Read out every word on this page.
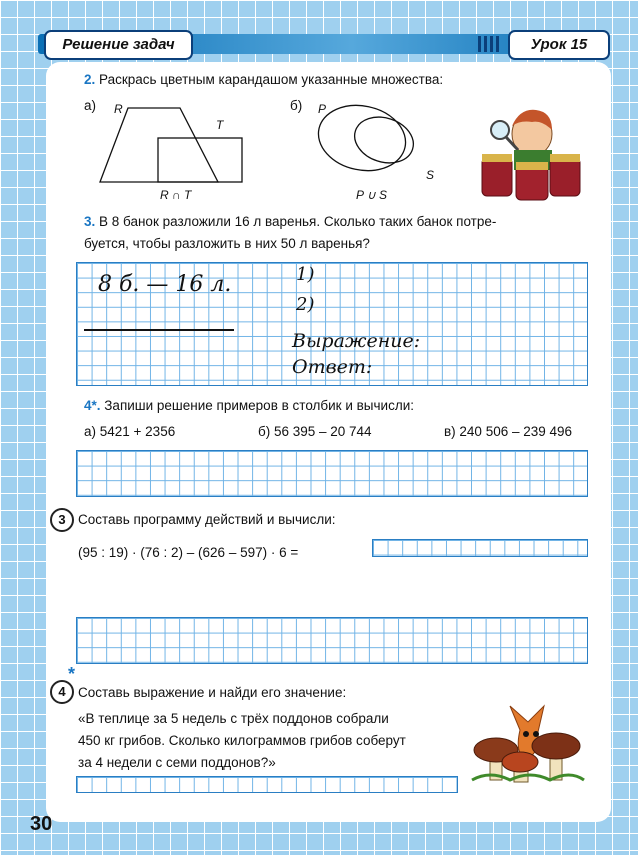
Решение задач	Урок 15
2. Раскрась цветным карандашом указанные множества:
а)	б)
R
T
R ∩ T
P
S
P ∪ S
3. В 8 банок разложили 16 л варенья. Сколько таких банок потре-
буется, чтобы разложить в них 50 л варенья?
8 б. — 16 л.	1)
2)
Выражение:
Ответ:
4*. Запиши решение примеров в столбик и вычисли:
а) 5421 + 2356	б) 56 395 – 20 744	в) 240 506 – 239 496
3 Составь программу действий и вычисли:
(95 : 19) · (76 : 2) – (626 – 597) · 6 =
4
*
Составь выражение и найди его значение:
«В теплице за 5 недель с трёх поддонов собрали
450 кг грибов. Сколько килограммов грибов соберут
за 4 недели с семи поддонов?»
30
